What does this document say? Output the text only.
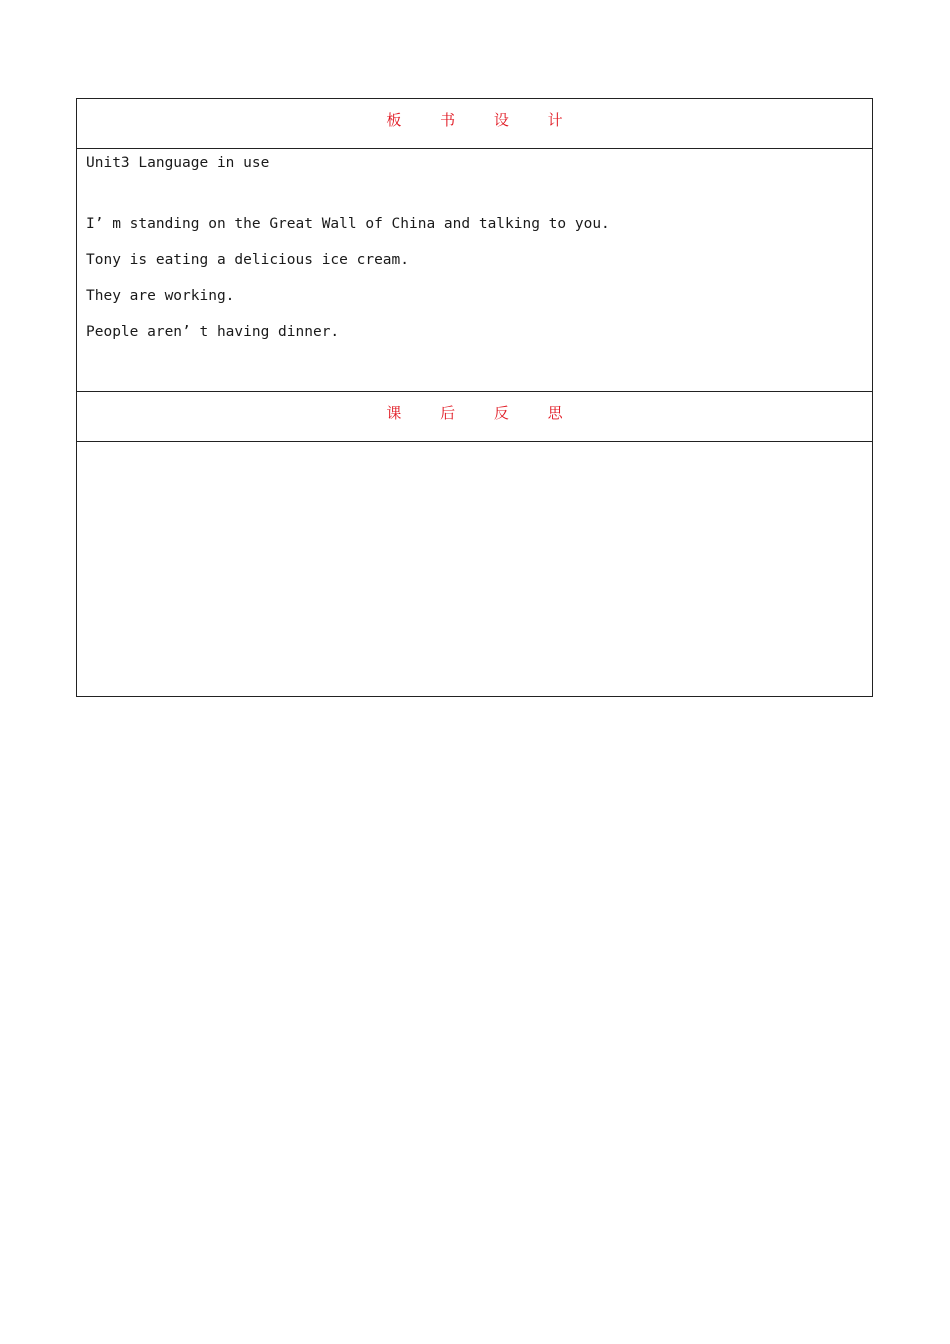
板 书 设 计

Unit3 Language in use

I’ m standing on the Great Wall of China and talking to you.

Tony is eating a delicious ice cream.

They are working.

People aren’ t having dinner.

课 后 反 思
